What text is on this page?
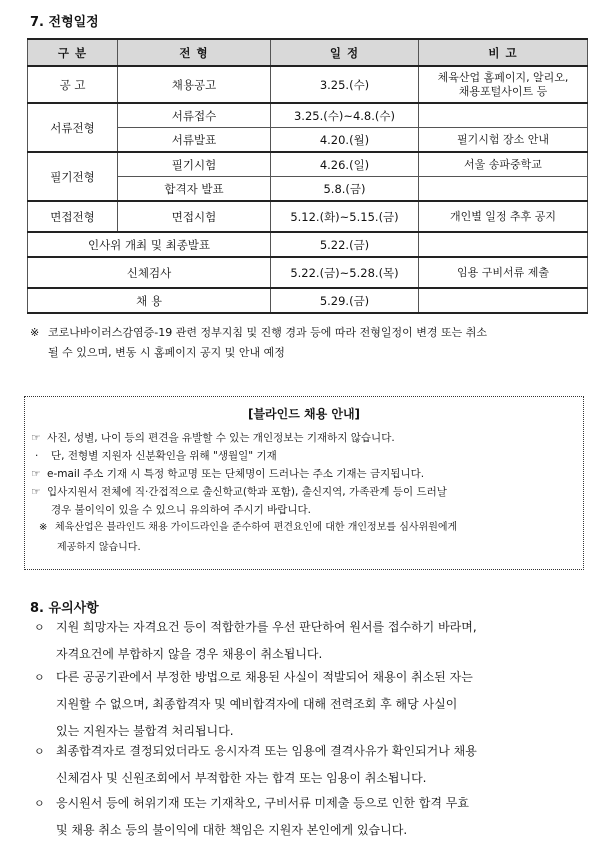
7. 전형일정
구 분	전 형	일 정	비 고
공 고	채용공고	3.25.(수)	체육산업 홈페이지, 알리오,
채용포털사이트 등
서류전형	서류접수	3.25.(수)~4.8.(수)	
	서류발표	4.20.(월)	필기시험 장소 안내
필기전형	필기시험	4.26.(일)	서울 송파중학교
	합격자 발표	5.8.(금)	
면접전형	면접시험	5.12.(화)~5.15.(금)	개인별 일정 추후 공지
인사위 개최 및 최종발표		5.22.(금)	
신체검사		5.22.(금)~5.28.(목)	임용 구비서류 제출
채 용		5.29.(금)	
※ 코로나바이러스감염증-19 관련 정부지침 및 진행 경과 등에 따라 전형일정이 변경 또는 취소
될 수 있으며, 변동 시 홈페이지 공지 및 안내 예정
[블라인드 채용 안내]
☞ 사진, 성별, 나이 등의 편견을 유발할 수 있는 개인정보는 기재하지 않습니다.
· 단, 전형별 지원자 신분확인을 위해 "생월일" 기재
☞ e-mail 주소 기재 시 특정 학교명 또는 단체명이 드러나는 주소 기재는 금지됩니다.
☞ 입사지원서 전체에 직·간접적으로 출신학교(학과 포함), 출신지역, 가족관계 등이 드러날
경우 불이익이 있을 수 있으니 유의하여 주시기 바랍니다.
※ 체육산업은 블라인드 채용 가이드라인을 준수하여 편견요인에 대한 개인정보를 심사위원에게
제공하지 않습니다.
8. 유의사항
ㅇ 지원 희망자는 자격요건 등이 적합한가를 우선 판단하여 원서를 접수하기 바라며,
자격요건에 부합하지 않을 경우 채용이 취소됩니다.
ㅇ 다른 공공기관에서 부정한 방법으로 채용된 사실이 적발되어 채용이 취소된 자는
지원할 수 없으며, 최종합격자 및 예비합격자에 대해 전력조회 후 해당 사실이
있는 지원자는 불합격 처리됩니다.
ㅇ 최종합격자로 결정되었더라도 응시자격 또는 임용에 결격사유가 확인되거나 채용
신체검사 및 신원조회에서 부적합한 자는 합격 또는 임용이 취소됩니다.
ㅇ 응시원서 등에 허위기재 또는 기재착오, 구비서류 미제출 등으로 인한 합격 무효
및 채용 취소 등의 불이익에 대한 책임은 지원자 본인에게 있습니다.
